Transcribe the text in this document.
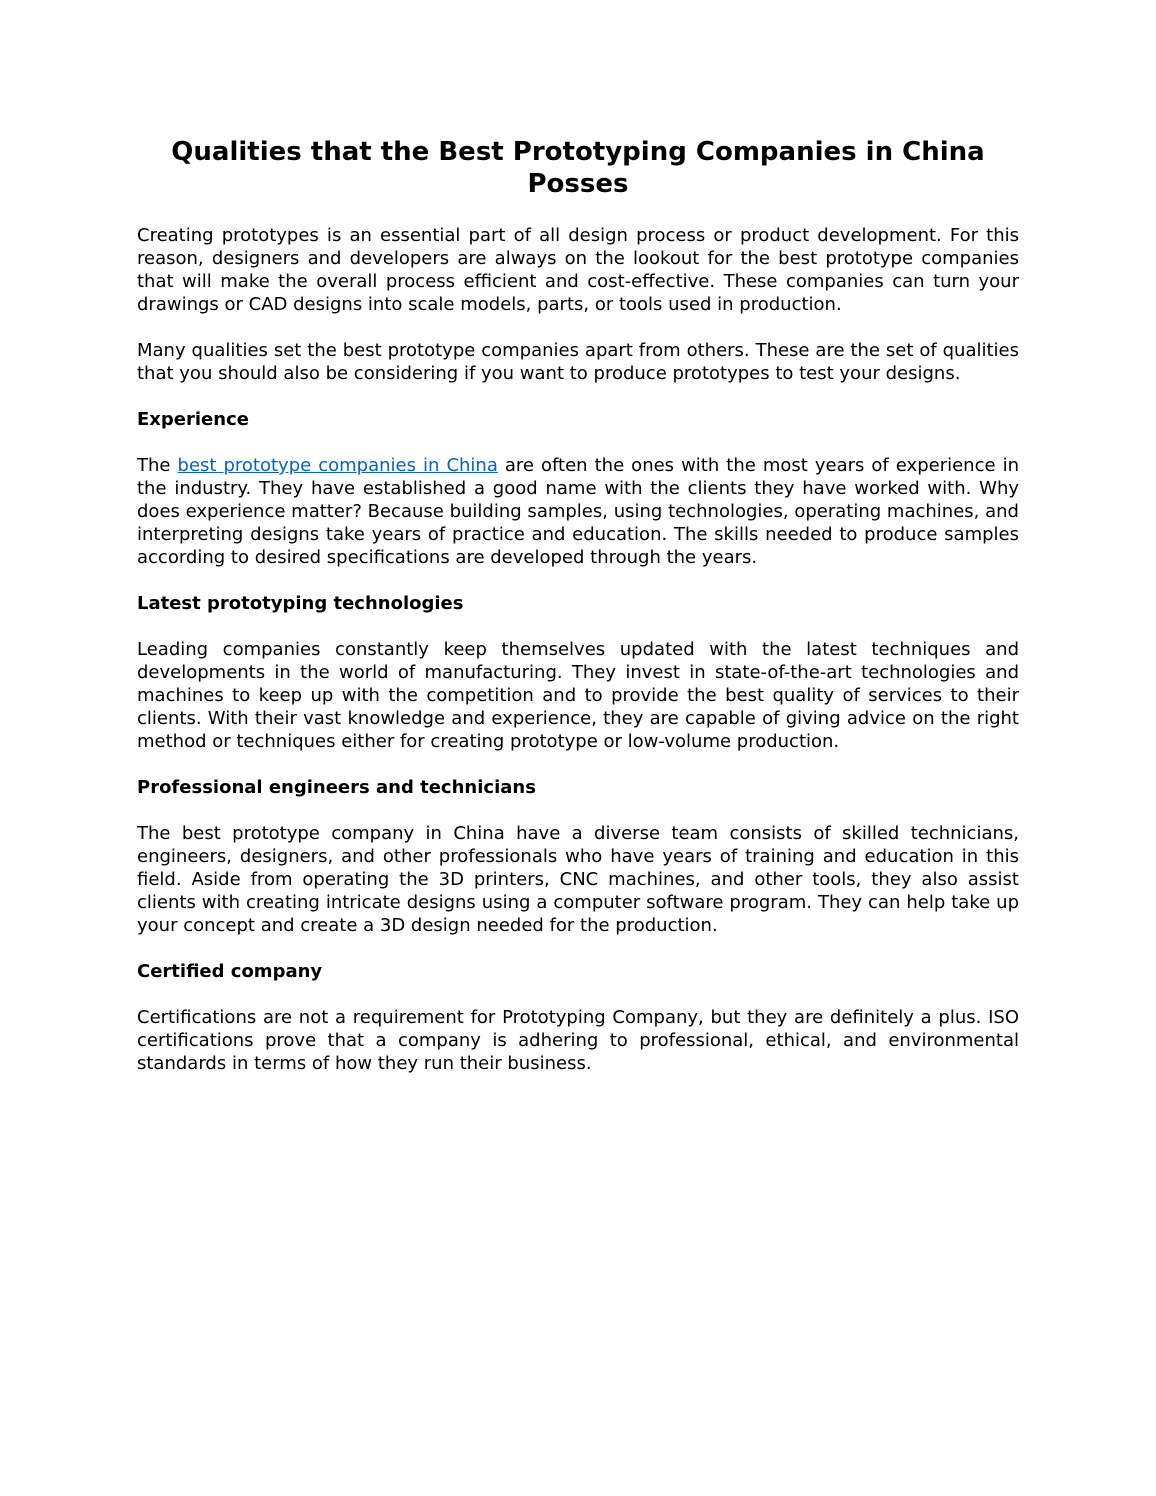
Qualities that the Best Prototyping Companies in China Posses

Creating prototypes is an essential part of all design process or product development. For this reason, designers and developers are always on the lookout for the best prototype companies that will make the overall process efficient and cost-effective. These companies can turn your drawings or CAD designs into scale models, parts, or tools used in production.

Many qualities set the best prototype companies apart from others. These are the set of qualities that you should also be considering if you want to produce prototypes to test your designs.

Experience

The best prototype companies in China are often the ones with the most years of experience in the industry. They have established a good name with the clients they have worked with. Why does experience matter? Because building samples, using technologies, operating machines, and interpreting designs take years of practice and education. The skills needed to produce samples according to desired specifications are developed through the years.

Latest prototyping technologies

Leading companies constantly keep themselves updated with the latest techniques and developments in the world of manufacturing. They invest in state-of-the-art technologies and machines to keep up with the competition and to provide the best quality of services to their clients. With their vast knowledge and experience, they are capable of giving advice on the right method or techniques either for creating prototype or low-volume production.

Professional engineers and technicians

The best prototype company in China have a diverse team consists of skilled technicians, engineers, designers, and other professionals who have years of training and education in this field. Aside from operating the 3D printers, CNC machines, and other tools, they also assist clients with creating intricate designs using a computer software program. They can help take up your concept and create a 3D design needed for the production.

Certified company

Certifications are not a requirement for Prototyping Company, but they are definitely a plus. ISO certifications prove that a company is adhering to professional, ethical, and environmental standards in terms of how they run their business.
